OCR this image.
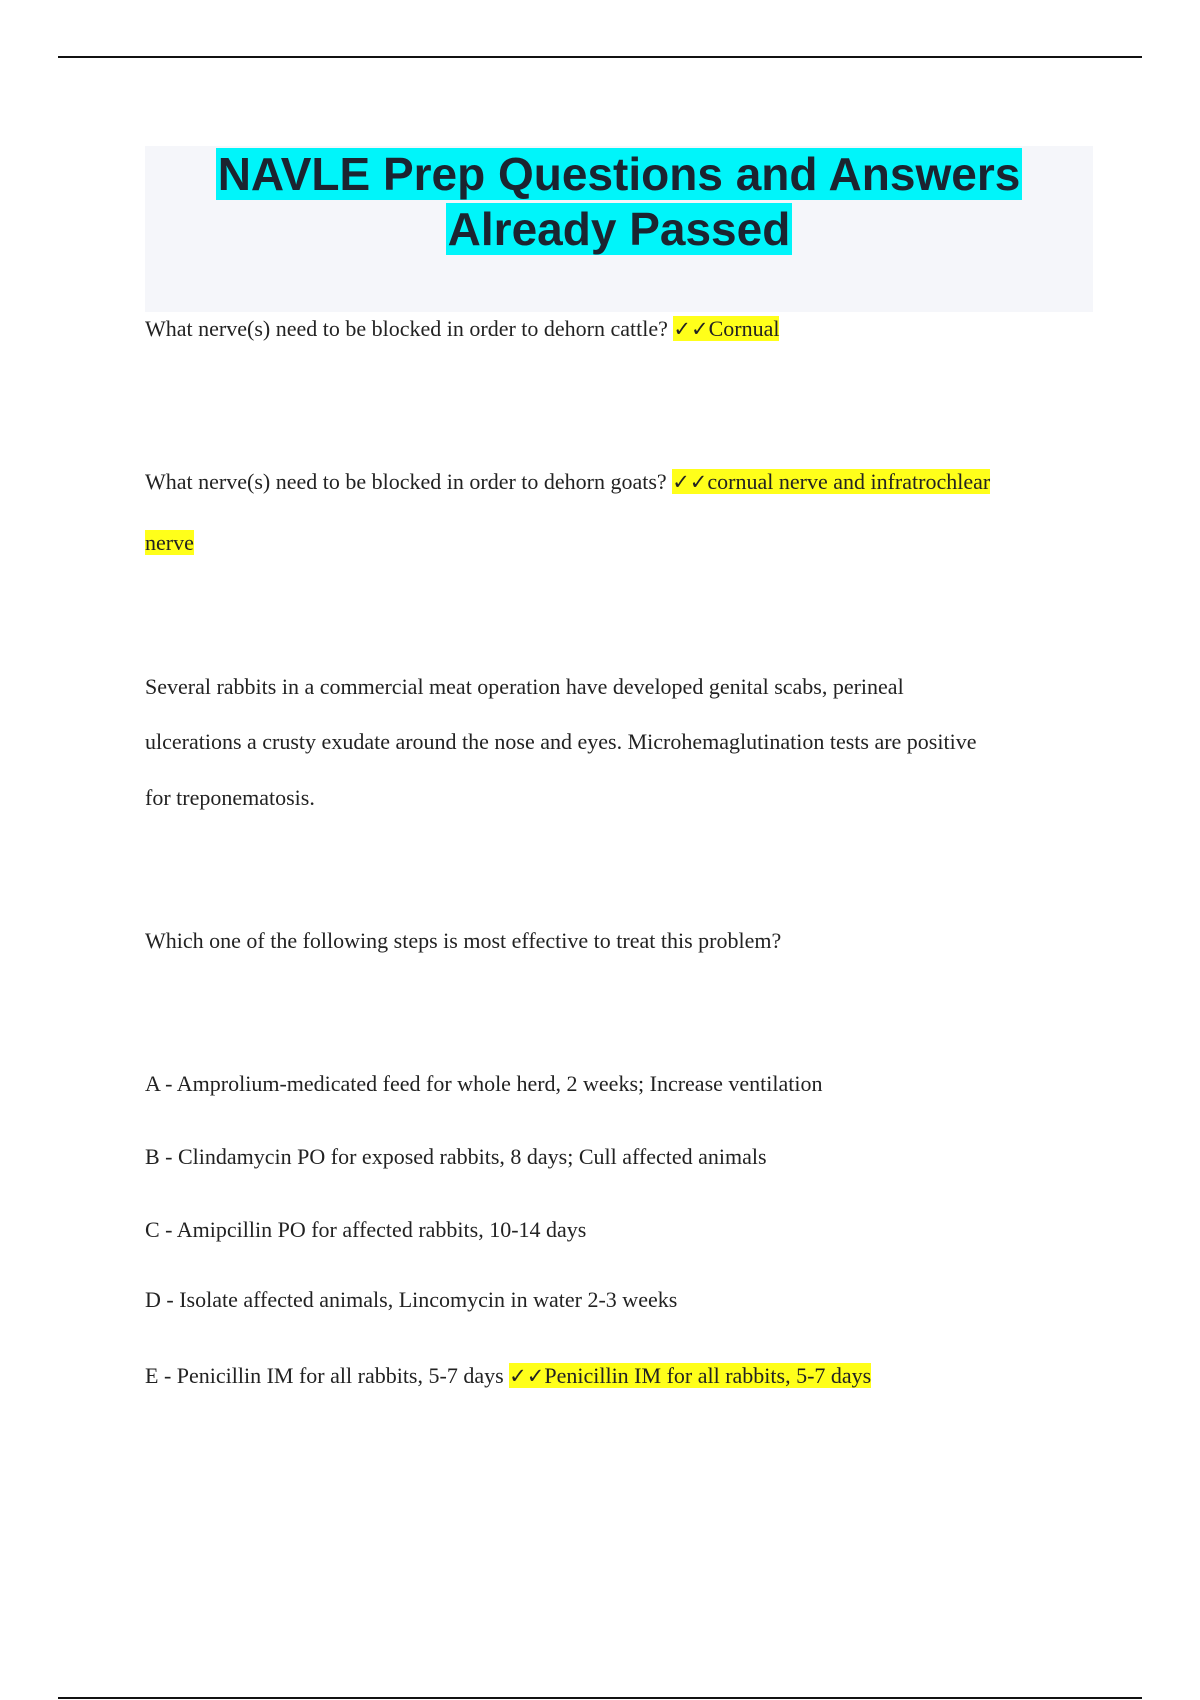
NAVLE Prep Questions and Answers
Already Passed
What nerve(s) need to be blocked in order to dehorn cattle? ✓✓Cornual
What nerve(s) need to be blocked in order to dehorn goats? ✓✓cornual nerve and infratrochlear
nerve
Several rabbits in a commercial meat operation have developed genital scabs, perineal
ulcerations a crusty exudate around the nose and eyes. Microhemaglutination tests are positive
for treponematosis.
Which one of the following steps is most effective to treat this problem?
A - Amprolium-medicated feed for whole herd, 2 weeks; Increase ventilation
B - Clindamycin PO for exposed rabbits, 8 days; Cull affected animals
C - Amipcillin PO for affected rabbits, 10-14 days
D - Isolate affected animals, Lincomycin in water 2-3 weeks
E - Penicillin IM for all rabbits, 5-7 days ✓✓Penicillin IM for all rabbits, 5-7 days
